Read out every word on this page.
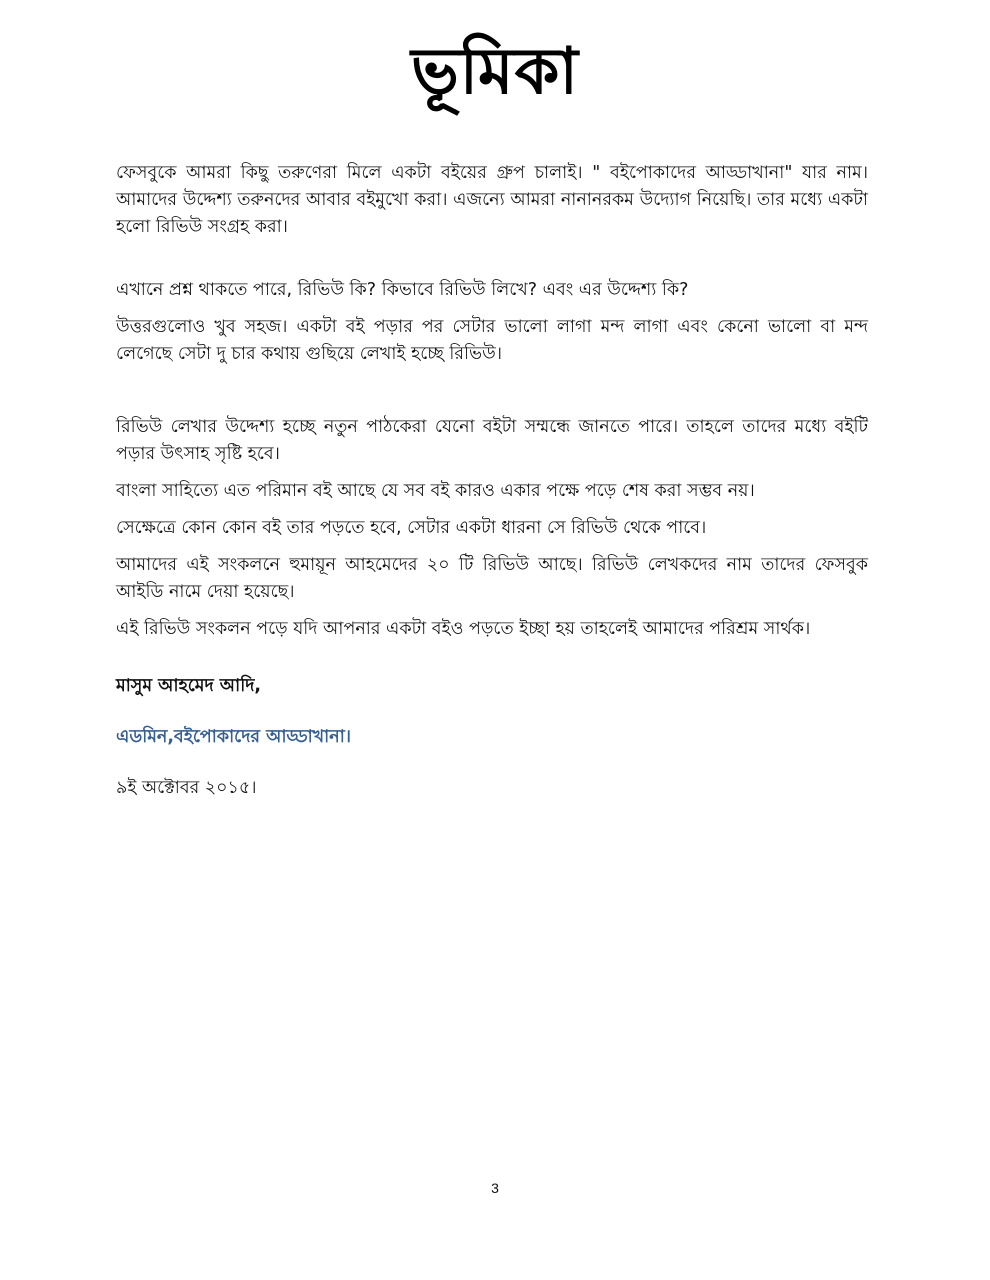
ভূমিকা

ফেসবুকে আমরা কিছু তরুণেরা মিলে একটা বইয়ের গ্রুপ চালাই। " বইপোকাদের আড্ডাখানা" যার নাম। আমাদের উদ্দেশ্য তরুনদের আবার বইমুখো করা। এজন্যে আমরা নানানরকম উদ্যোগ নিয়েছি। তার মধ্যে একটা হলো রিভিউ সংগ্রহ করা।

এখানে প্রশ্ন থাকতে পারে, রিভিউ কি? কিভাবে রিভিউ লিখে? এবং এর উদ্দেশ্য কি?

উত্তরগুলোও খুব সহজ। একটা বই পড়ার পর সেটার ভালো লাগা মন্দ লাগা এবং কেনো ভালো বা মন্দ লেগেছে সেটা দু চার কথায় গুছিয়ে লেখাই হচ্ছে রিভিউ।

রিভিউ লেখার উদ্দেশ্য হচ্ছে নতুন পাঠকেরা যেনো বইটা সম্মন্ধে জানতে পারে। তাহলে তাদের মধ্যে বইটি পড়ার উৎসাহ সৃষ্টি হবে।

বাংলা সাহিত্যে এত পরিমান বই আছে যে সব বই কারও একার পক্ষে পড়ে শেষ করা সম্ভব নয়।

সেক্ষেত্রে কোন কোন বই তার পড়তে হবে, সেটার একটা ধারনা সে রিভিউ থেকে পাবে।

আমাদের এই সংকলনে হুমায়ূন আহমেদের ২০ টি রিভিউ আছে। রিভিউ লেখকদের নাম তাদের ফেসবুক আইডি নামে দেয়া হয়েছে।

এই রিভিউ সংকলন পড়ে যদি আপনার একটা বইও পড়তে ইচ্ছা হয় তাহলেই আমাদের পরিশ্রম সার্থক।

মাসুম আহমেদ আদি,

এডমিন,বইপোকাদের আড্ডাখানা।

৯ই অক্টোবর ২০১৫।

3
